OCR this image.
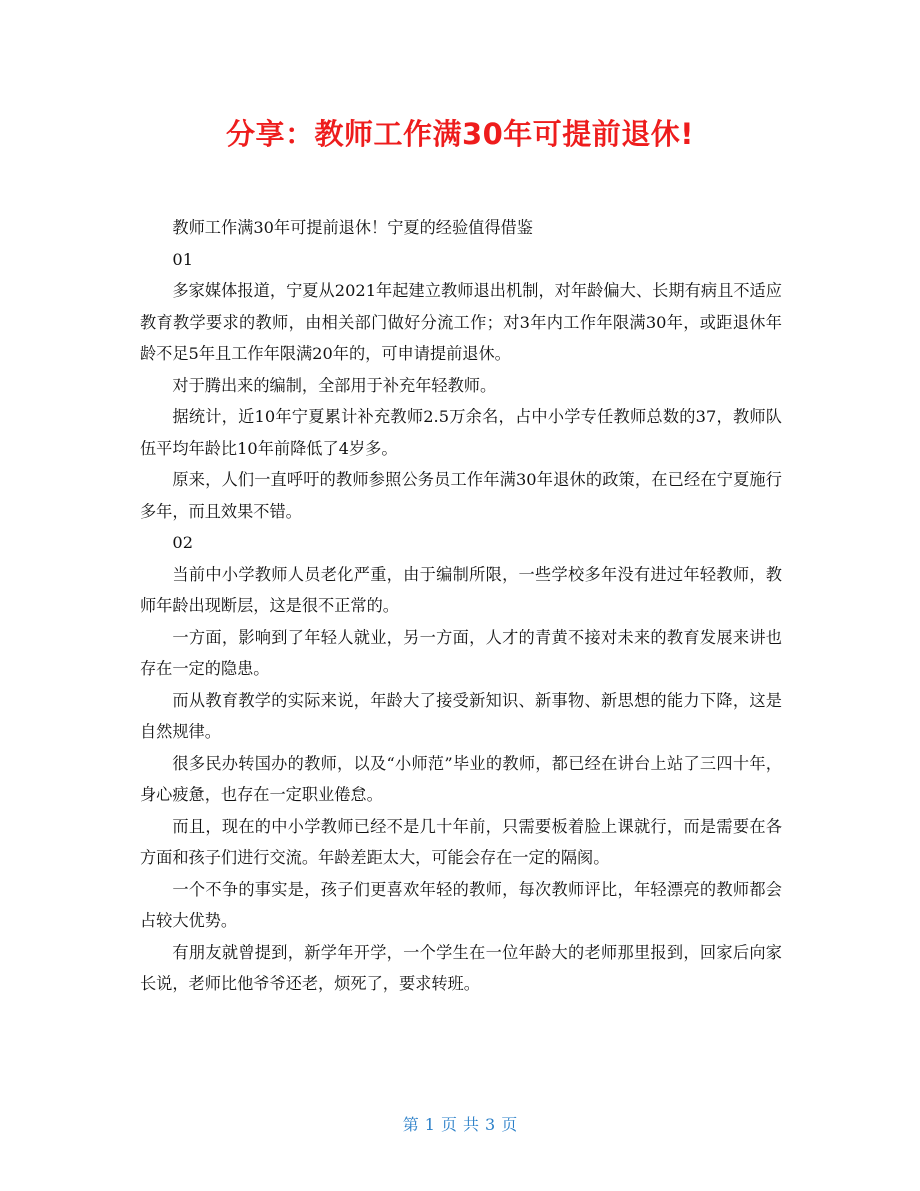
分享：教师工作满30年可提前退休!

教师工作满30年可提前退休！宁夏的经验值得借鉴

01

多家媒体报道，宁夏从2021年起建立教师退出机制，对年龄偏大、长期有病且不适应教育教学要求的教师，由相关部门做好分流工作；对3年内工作年限满30年，或距退休年龄不足5年且工作年限满20年的，可申请提前退休。

对于腾出来的编制，全部用于补充年轻教师。

据统计，近10年宁夏累计补充教师2.5万余名，占中小学专任教师总数的37，教师队伍平均年龄比10年前降低了4岁多。

原来，人们一直呼吁的教师参照公务员工作年满30年退休的政策，在已经在宁夏施行多年，而且效果不错。

02

当前中小学教师人员老化严重，由于编制所限，一些学校多年没有进过年轻教师，教师年龄出现断层，这是很不正常的。

一方面，影响到了年轻人就业，另一方面，人才的青黄不接对未来的教育发展来讲也存在一定的隐患。

而从教育教学的实际来说，年龄大了接受新知识、新事物、新思想的能力下降，这是自然规律。

很多民办转国办的教师，以及“小师范”毕业的教师，都已经在讲台上站了三四十年，身心疲惫，也存在一定职业倦怠。

而且，现在的中小学教师已经不是几十年前，只需要板着脸上课就行，而是需要在各方面和孩子们进行交流。年龄差距太大，可能会存在一定的隔阂。

一个不争的事实是，孩子们更喜欢年轻的教师，每次教师评比，年轻漂亮的教师都会占较大优势。

有朋友就曾提到，新学年开学，一个学生在一位年龄大的老师那里报到，回家后向家长说，老师比他爷爷还老，烦死了，要求转班。

第 1 页 共 3 页
